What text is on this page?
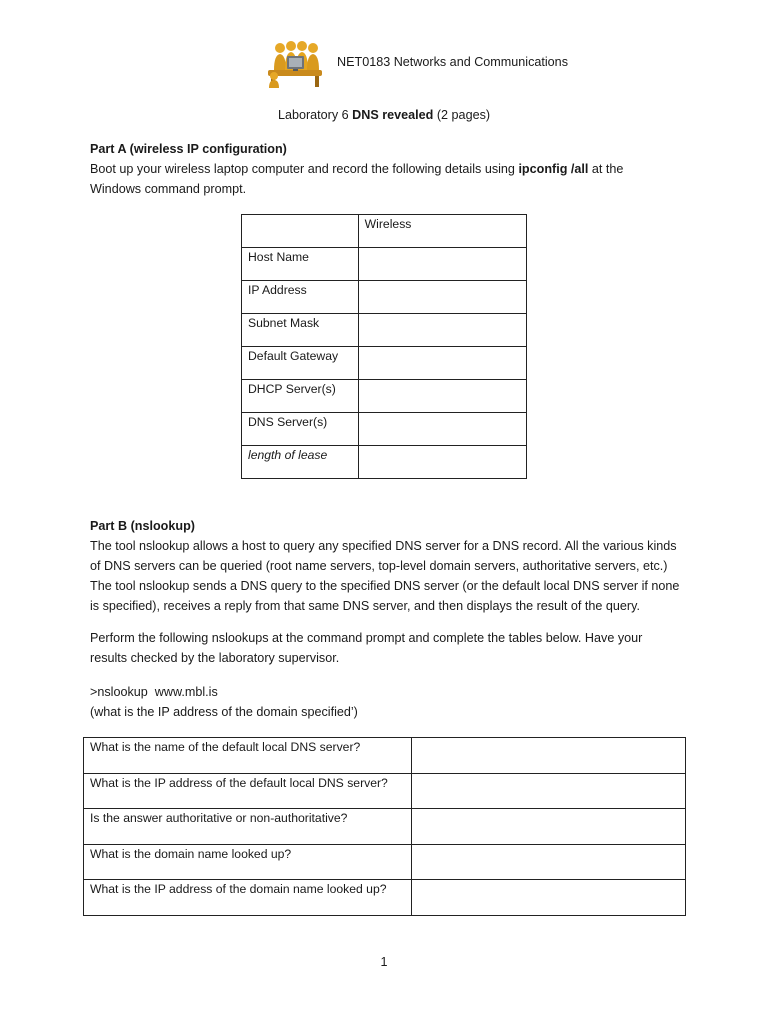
NET0183 Networks and Communications
Laboratory 6 DNS revealed (2 pages)
Part A (wireless IP configuration)
Boot up your wireless laptop computer and record the following details using ipconfig /all at the
Windows command prompt.
	Wireless
Host Name	
IP Address	
Subnet Mask	
Default Gateway	
DHCP Server(s)	
DNS Server(s)	
length of lease	
Part B (nslookup)
The tool nslookup allows a host to query any specified DNS server for a DNS record. All the various kinds
of DNS servers can be queried (root name servers, top-level domain servers, authoritative servers, etc.)
The tool nslookup sends a DNS query to the specified DNS server (or the default local DNS server if none
is specified), receives a reply from that same DNS server, and then displays the result of the query.
Perform the following nslookups at the command prompt and complete the tables below. Have your
results checked by the laboratory supervisor.
>nslookup  www.mbl.is
(what is the IP address of the domain specified’)
What is the name of the default local DNS server?	
What is the IP address of the default local DNS server?	
Is the answer authoritative or non-authoritative?	
What is the domain name looked up?	
What is the IP address of the domain name looked up?	
1
